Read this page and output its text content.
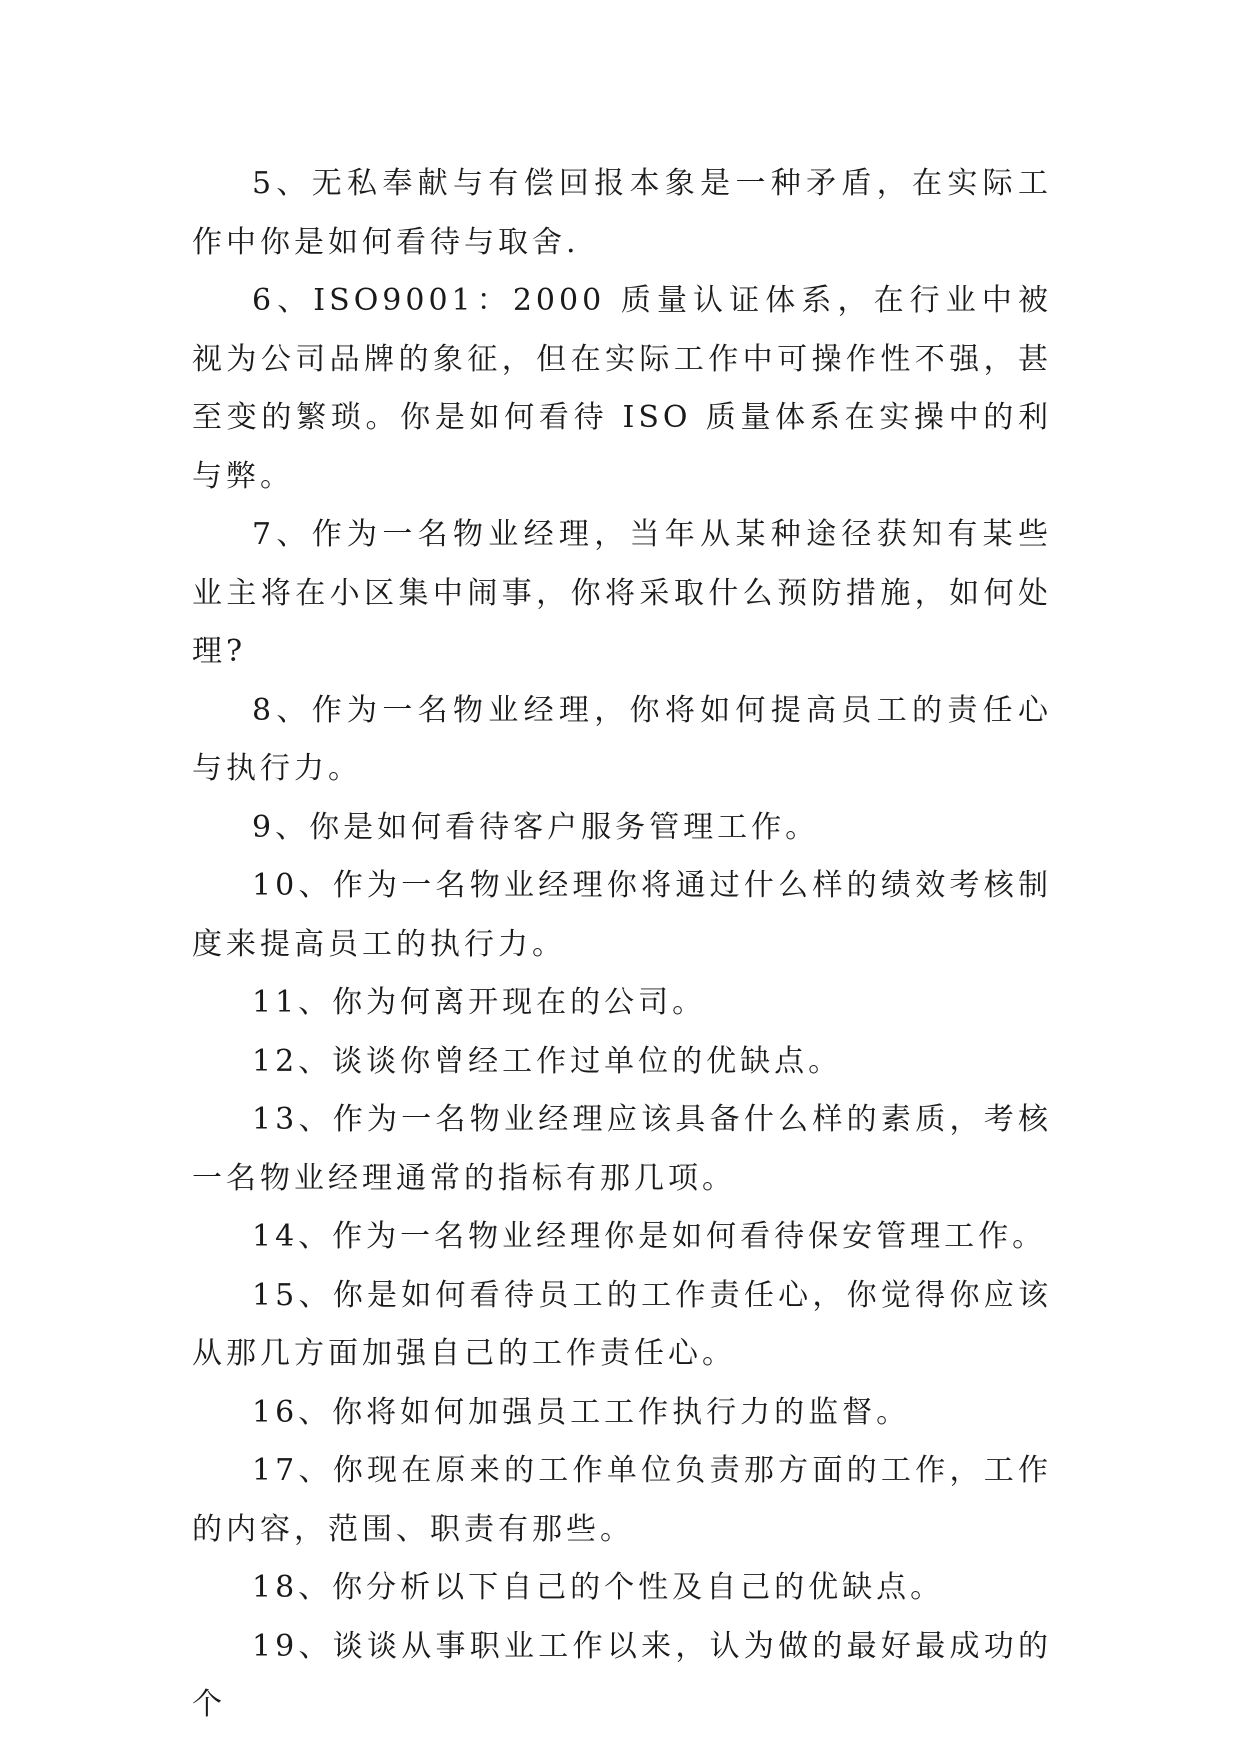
5、无私奉献与有偿回报本象是一种矛盾，在实际工作中你是如何看待与取舍.

6、ISO9001：2000 质量认证体系，在行业中被视为公司品牌的象征，但在实际工作中可操作性不强，甚至变的繁琐。你是如何看待 ISO 质量体系在实操中的利与弊。

7、作为一名物业经理，当年从某种途径获知有某些业主将在小区集中闹事，你将采取什么预防措施，如何处理?

8、作为一名物业经理，你将如何提高员工的责任心与执行力。

9、你是如何看待客户服务管理工作。

10、作为一名物业经理你将通过什么样的绩效考核制度来提高员工的执行力。

11、你为何离开现在的公司。

12、谈谈你曾经工作过单位的优缺点。

13、作为一名物业经理应该具备什么样的素质，考核一名物业经理通常的指标有那几项。

14、作为一名物业经理你是如何看待保安管理工作。

15、你是如何看待员工的工作责任心，你觉得你应该从那几方面加强自己的工作责任心。

16、你将如何加强员工工作执行力的监督。

17、你现在原来的工作单位负责那方面的工作，工作的内容，范围、职责有那些。

18、你分析以下自己的个性及自己的优缺点。

19、谈谈从事职业工作以来，认为做的最好最成功的个
